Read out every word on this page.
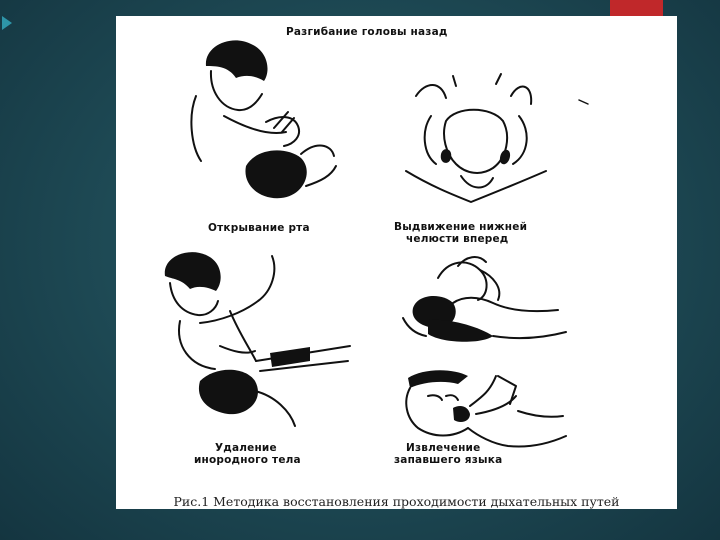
Разгибание головы назад
Открывание рта	Выдвижение нижней
челюсти вперед
Удаление
инородного тела
Извлечение
запавшего языка
Рис.1 Методика восстановления проходимости дыхательных путей
